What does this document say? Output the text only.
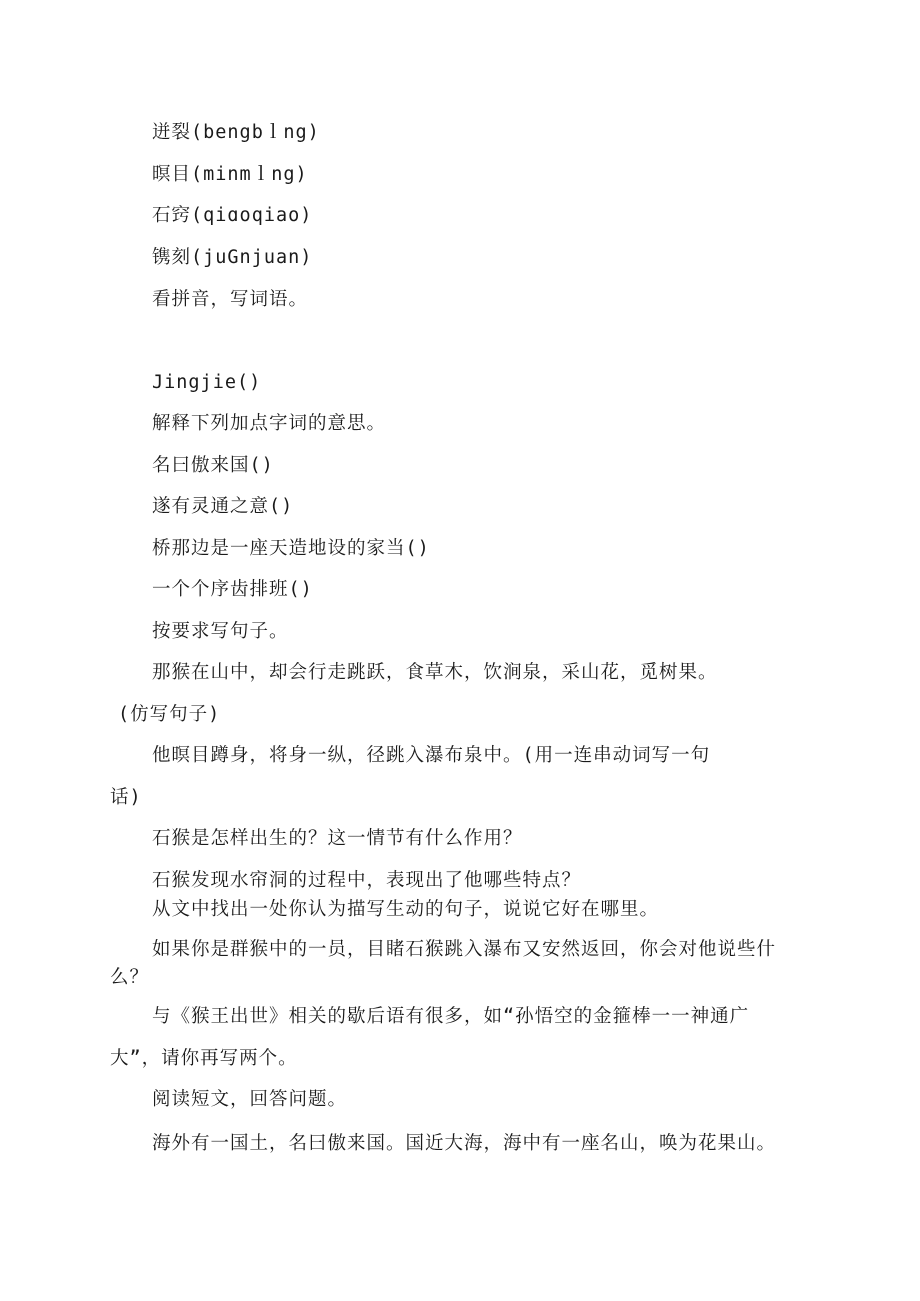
迸裂(bengbｌng)
暝目(minmｌng)
石窍(qiɑoqiao)
镌刻(juGnjuan)
看拼音，写词语。
Jingjie()
解释下列加点字词的意思。
名曰傲来国()
遂有灵通之意()
桥那边是一座天造地设的家当()
一个个序齿排班()
按要求写句子。
那猴在山中，却会行走跳跃，食草木，饮涧泉，采山花，觅树果。
(仿写句子)
他暝目蹲身，将身一纵，径跳入瀑布泉中。(用一连串动词写一句
话)
石猴是怎样出生的？这一情节有什么作用？
石猴发现水帘洞的过程中，表现出了他哪些特点？
从文中找出一处你认为描写生动的句子，说说它好在哪里。
如果你是群猴中的一员，目睹石猴跳入瀑布又安然返回，你会对他说些什
么？
与《猴王出世》相关的歇后语有很多，如“孙悟空的金箍棒一一神通广
大”，请你再写两个。
阅读短文，回答问题。
海外有一国土，名曰傲来国。国近大海，海中有一座名山，唤为花果山。
